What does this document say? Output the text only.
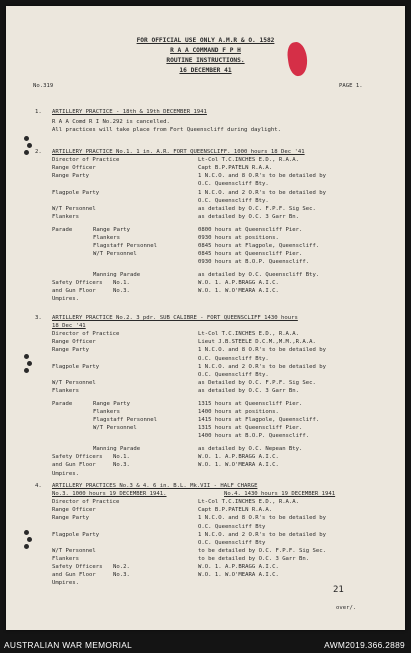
FOR OFFICIAL USE ONLY A.M.R & O. 1582
R A A COMMAND F P H
ROUTINE INSTRUCTIONS.
16 DECEMBER 41
No.319	PAGE 1.
1. ARTILLERY PRACTICE - 18th & 19th DECEMBER 1941
R A A Comd R I No.292 is cancelled.
All practices will take place from Fort Queenscliff during daylight.
2. ARTILLERY PRACTICE No.1. 1 in. A.R. FORT QUEENSCLIFF. 1000 hours 18 Dec '41
Director of Practice	Lt-Col T.C.INCHES E.D., R.A.A.
Range Officer	Capt B.P.PATELN R.A.A.
Range Party	1 N.C.O. and 8 O.R's to be detailed by
O.C. Queenscliff Bty.
Flagpole Party	1 N.C.O. and 2 O.R's to be detailed by
O.C. Queenscliff Bty.
W/T Personnel	as detailed by O.C. F.P.F. Sig Sec.
Flankers	as detailed by O.C. 3 Garr Bn.
Parade	Range Party	0800 hours at Queenscliff Pier.
Flankers	0930 hours at positions.
Flagstaff Personnel	0845 hours at Flagpole, Queenscliff.
W/T Personnel	0845 hours at Queenscliff Pier.
0930 hours at B.O.P. Queenscliff.
Manning Parade	as detailed by O.C. Queenscliff Bty.
Safety Officers No.1.	W.O. 1. A.P.BRAGG A.I.C.
and Gun Floor	No.3.	W.O. 1. W.O'MEARA A.I.C.
Umpires.
3. ARTILLERY PRACTICE No.2. 3 pdr. SUB CALIBRE - FORT QUEENSCLIFF 1430 hours
18 Dec '41
Director of Practice	Lt-Col T.C.INCHES E.D., R.A.A.
Range Officer	Lieut J.B.STEELE D.C.M.,M.M.,R.A.A.
Range Party	1 N.C.O. and 8 O.R's to be detailed by
O.C. Queenscliff Bty.
Flagpole Party	1 N.C.O. and 2 O.R's to be detailed by
O.C. Queenscliff Bty.
W/T Personnel	as Detailed by O.C. F.P.F. Sig Sec.
Flankers	as detailed by O.C. 3 Garr Bn.
Parade	Range Party	1315 hours at Queenscliff Pier.
Flankers	1400 hours at positions.
Flagstaff Personnel	1415 hours at Flagpole, Queenscliff.
W/T Personnel	1315 hours at Queenscliff Pier.
1400 hours at B.O.P. Queenscliff.
Manning Parade	as detailed by O.C. Nepean Bty.
Safety Officers No.1.	W.O. 1. A.P.BRAGG A.I.C.
and Gun Floor	No.3.	W.O. 1. W.O'MEARA A.I.C.
Umpires.
4. ARTILLERY PRACTICES No.3 & 4. 6 in. B.L. Mk.VII - HALF CHARGE
No.3. 1000 hours 19 DECEMBER 1941.	No.4. 1430 hours 19 DECEMBER 1941
Director of Practice	Lt-Col T.C.INCHES E.D., R.A.A.
Range Officer	Capt B.P.PATELN R.A.A.
Range Party	1 N.C.O. and 8 O.R's to be detailed by
O.C. Queenscliff Bty
Flagpole Party	1 N.C.O. and 2 O.R's to be detailed by
O.C. Queenscliff Bty
W/T Personnel	to be detailed by O.C. F.P.F. Sig Sec.
Flankers	to be detailed by O.C. 3 Garr Bn.
Safety Officers No.2.	W.O. 1. A.P.BRAGG A.I.C.
and Gun Floor	No.3.	W.O. 1. W.O'MEARA A.I.C.
Umpires.
over/.
21
AUSTRALIAN WAR MEMORIAL	AWM2019.366.2889
